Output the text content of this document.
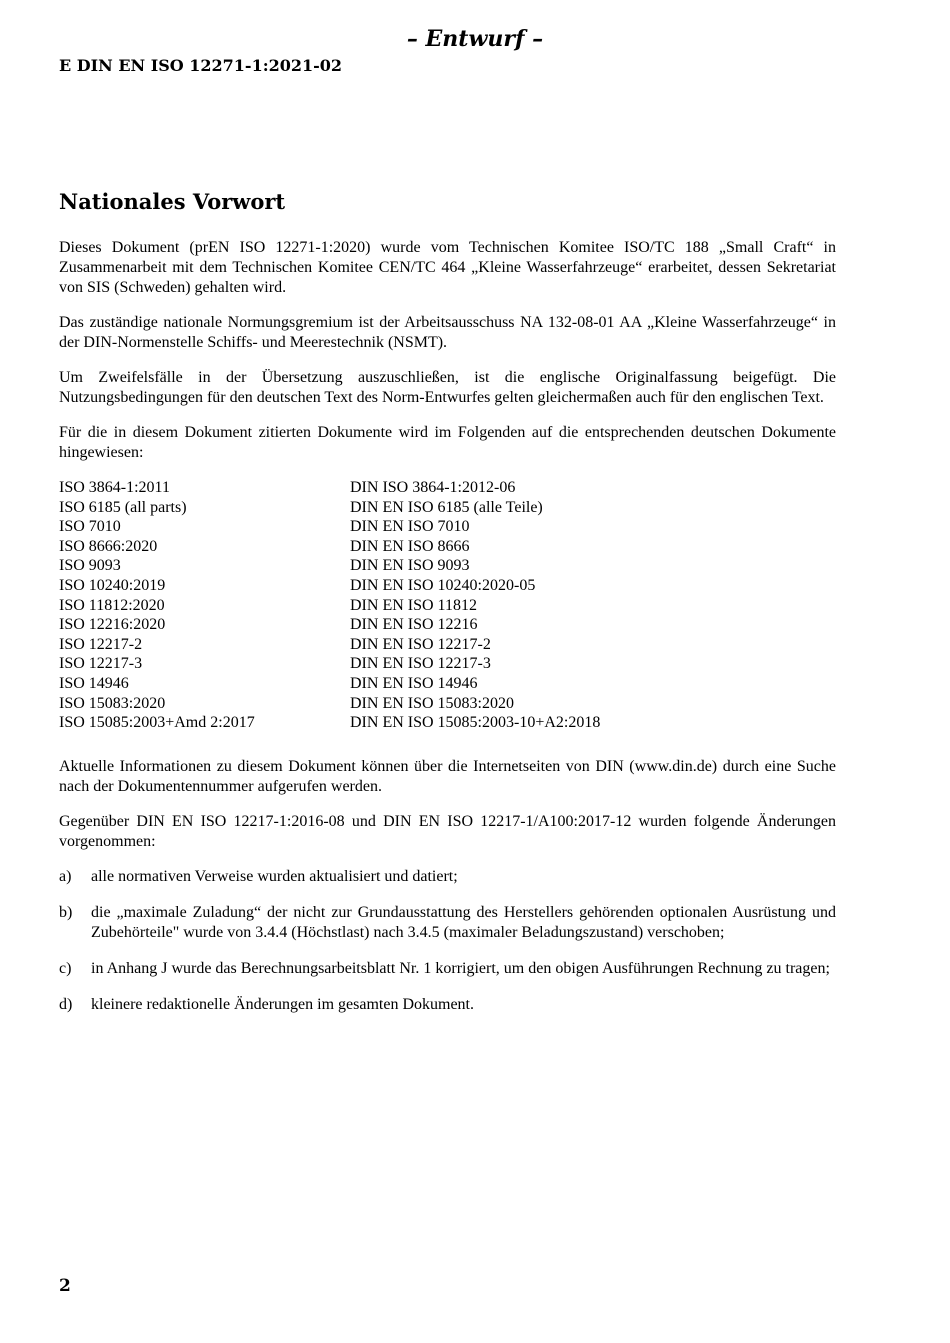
– Entwurf –
E DIN EN ISO 12271-1:2021-02
Nationales Vorwort

Dieses Dokument (prEN ISO 12271-1:2020) wurde vom Technischen Komitee ISO/TC 188 „Small Craft“ in Zusammenarbeit mit dem Technischen Komitee CEN/TC 464 „Kleine Wasserfahrzeuge“ erarbeitet, dessen Sekretariat von SIS (Schweden) gehalten wird.

Das zuständige nationale Normungsgremium ist der Arbeitsausschuss NA 132-08-01 AA „Kleine Wasserfahrzeuge“ in der DIN-Normenstelle Schiffs- und Meerestechnik (NSMT).

Um Zweifelsfälle in der Übersetzung auszuschließen, ist die englische Originalfassung beigefügt. Die Nutzungsbedingungen für den deutschen Text des Norm-Entwurfes gelten gleichermaßen auch für den englischen Text.

Für die in diesem Dokument zitierten Dokumente wird im Folgenden auf die entsprechenden deutschen Dokumente hingewiesen:

ISO 3864-1:2011	DIN ISO 3864-1:2012-06
ISO 6185 (all parts)	DIN EN ISO 6185 (alle Teile)
ISO 7010	DIN EN ISO 7010
ISO 8666:2020	DIN EN ISO 8666
ISO 9093	DIN EN ISO 9093
ISO 10240:2019	DIN EN ISO 10240:2020-05
ISO 11812:2020	DIN EN ISO 11812
ISO 12216:2020	DIN EN ISO 12216
ISO 12217-2	DIN EN ISO 12217-2
ISO 12217-3	DIN EN ISO 12217-3
ISO 14946	DIN EN ISO 14946
ISO 15083:2020	DIN EN ISO 15083:2020
ISO 15085:2003+Amd 2:2017	DIN EN ISO 15085:2003-10+A2:2018

Aktuelle Informationen zu diesem Dokument können über die Internetseiten von DIN (www.din.de) durch eine Suche nach der Dokumentennummer aufgerufen werden.

Gegenüber DIN EN ISO 12217-1:2016-08 und DIN EN ISO 12217-1/A100:2017-12 wurden folgende Änderungen vorgenommen:

a)	alle normativen Verweise wurden aktualisiert und datiert;
b)	die „maximale Zuladung“ der nicht zur Grundausstattung des Herstellers gehörenden optionalen Ausrüstung und Zubehörteile" wurde von 3.4.4 (Höchstlast) nach 3.4.5 (maximaler Beladungszustand) verschoben;
c)	in Anhang J wurde das Berechnungsarbeitsblatt Nr. 1 korrigiert, um den obigen Ausführungen Rechnung zu tragen;
d)	kleinere redaktionelle Änderungen im gesamten Dokument.
2
